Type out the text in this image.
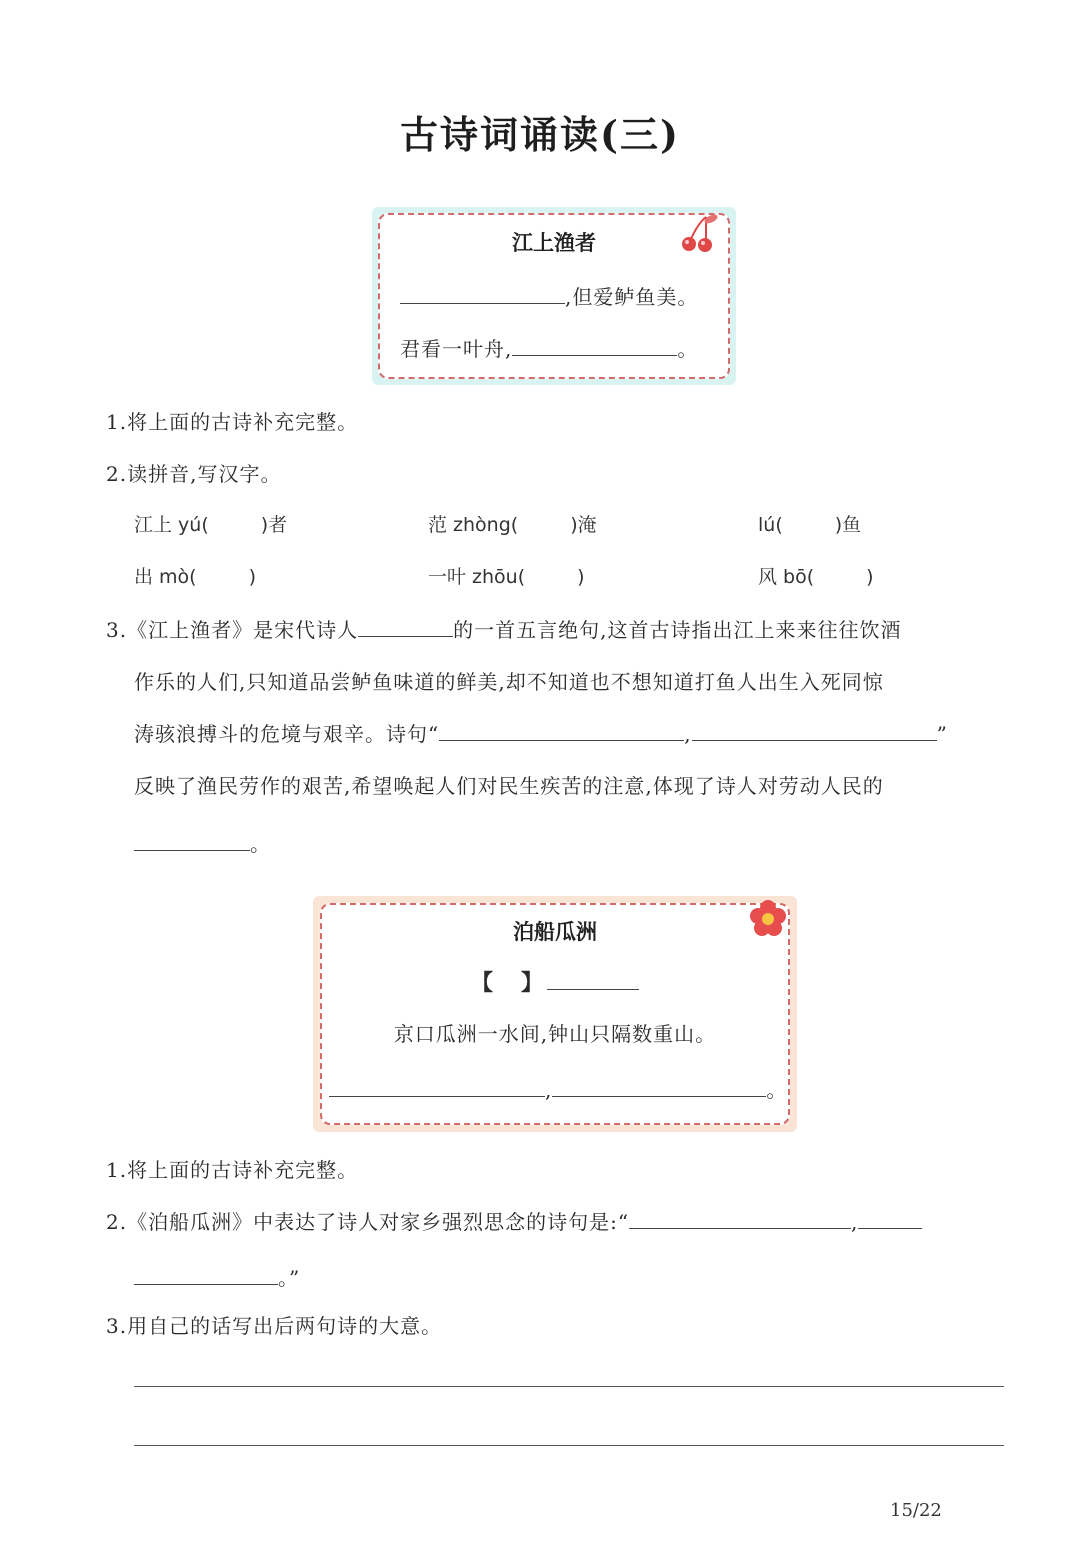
古诗词诵读(三)
江上渔者
,但爱鲈鱼美。
君看一叶舟,	。
1.将上面的古诗补充完整。
2.读拼音,写汉字。
江上 yú(	)者	范 zhòng(	)淹	lú(	)鱼
出 mò(	)	一叶 zhōu(	)	风 bō(	)
3.《江上渔者》是宋代诗人	的一首五言绝句,这首古诗指出江上来来往往饮酒
作乐的人们,只知道品尝鲈鱼味道的鲜美,却不知道也不想知道打鱼人出生入死同惊
涛骇浪搏斗的危境与艰辛。诗句“	,	”
反映了渔民劳作的艰苦,希望唤起人们对民生疾苦的注意,体现了诗人对劳动人民的
。
泊船瓜洲
【 】
京口瓜洲一水间,钟山只隔数重山。
,	。
1.将上面的古诗补充完整。
2.《泊船瓜洲》中表达了诗人对家乡强烈思念的诗句是:“	,
。”
3.用自己的话写出后两句诗的大意。
15/22
